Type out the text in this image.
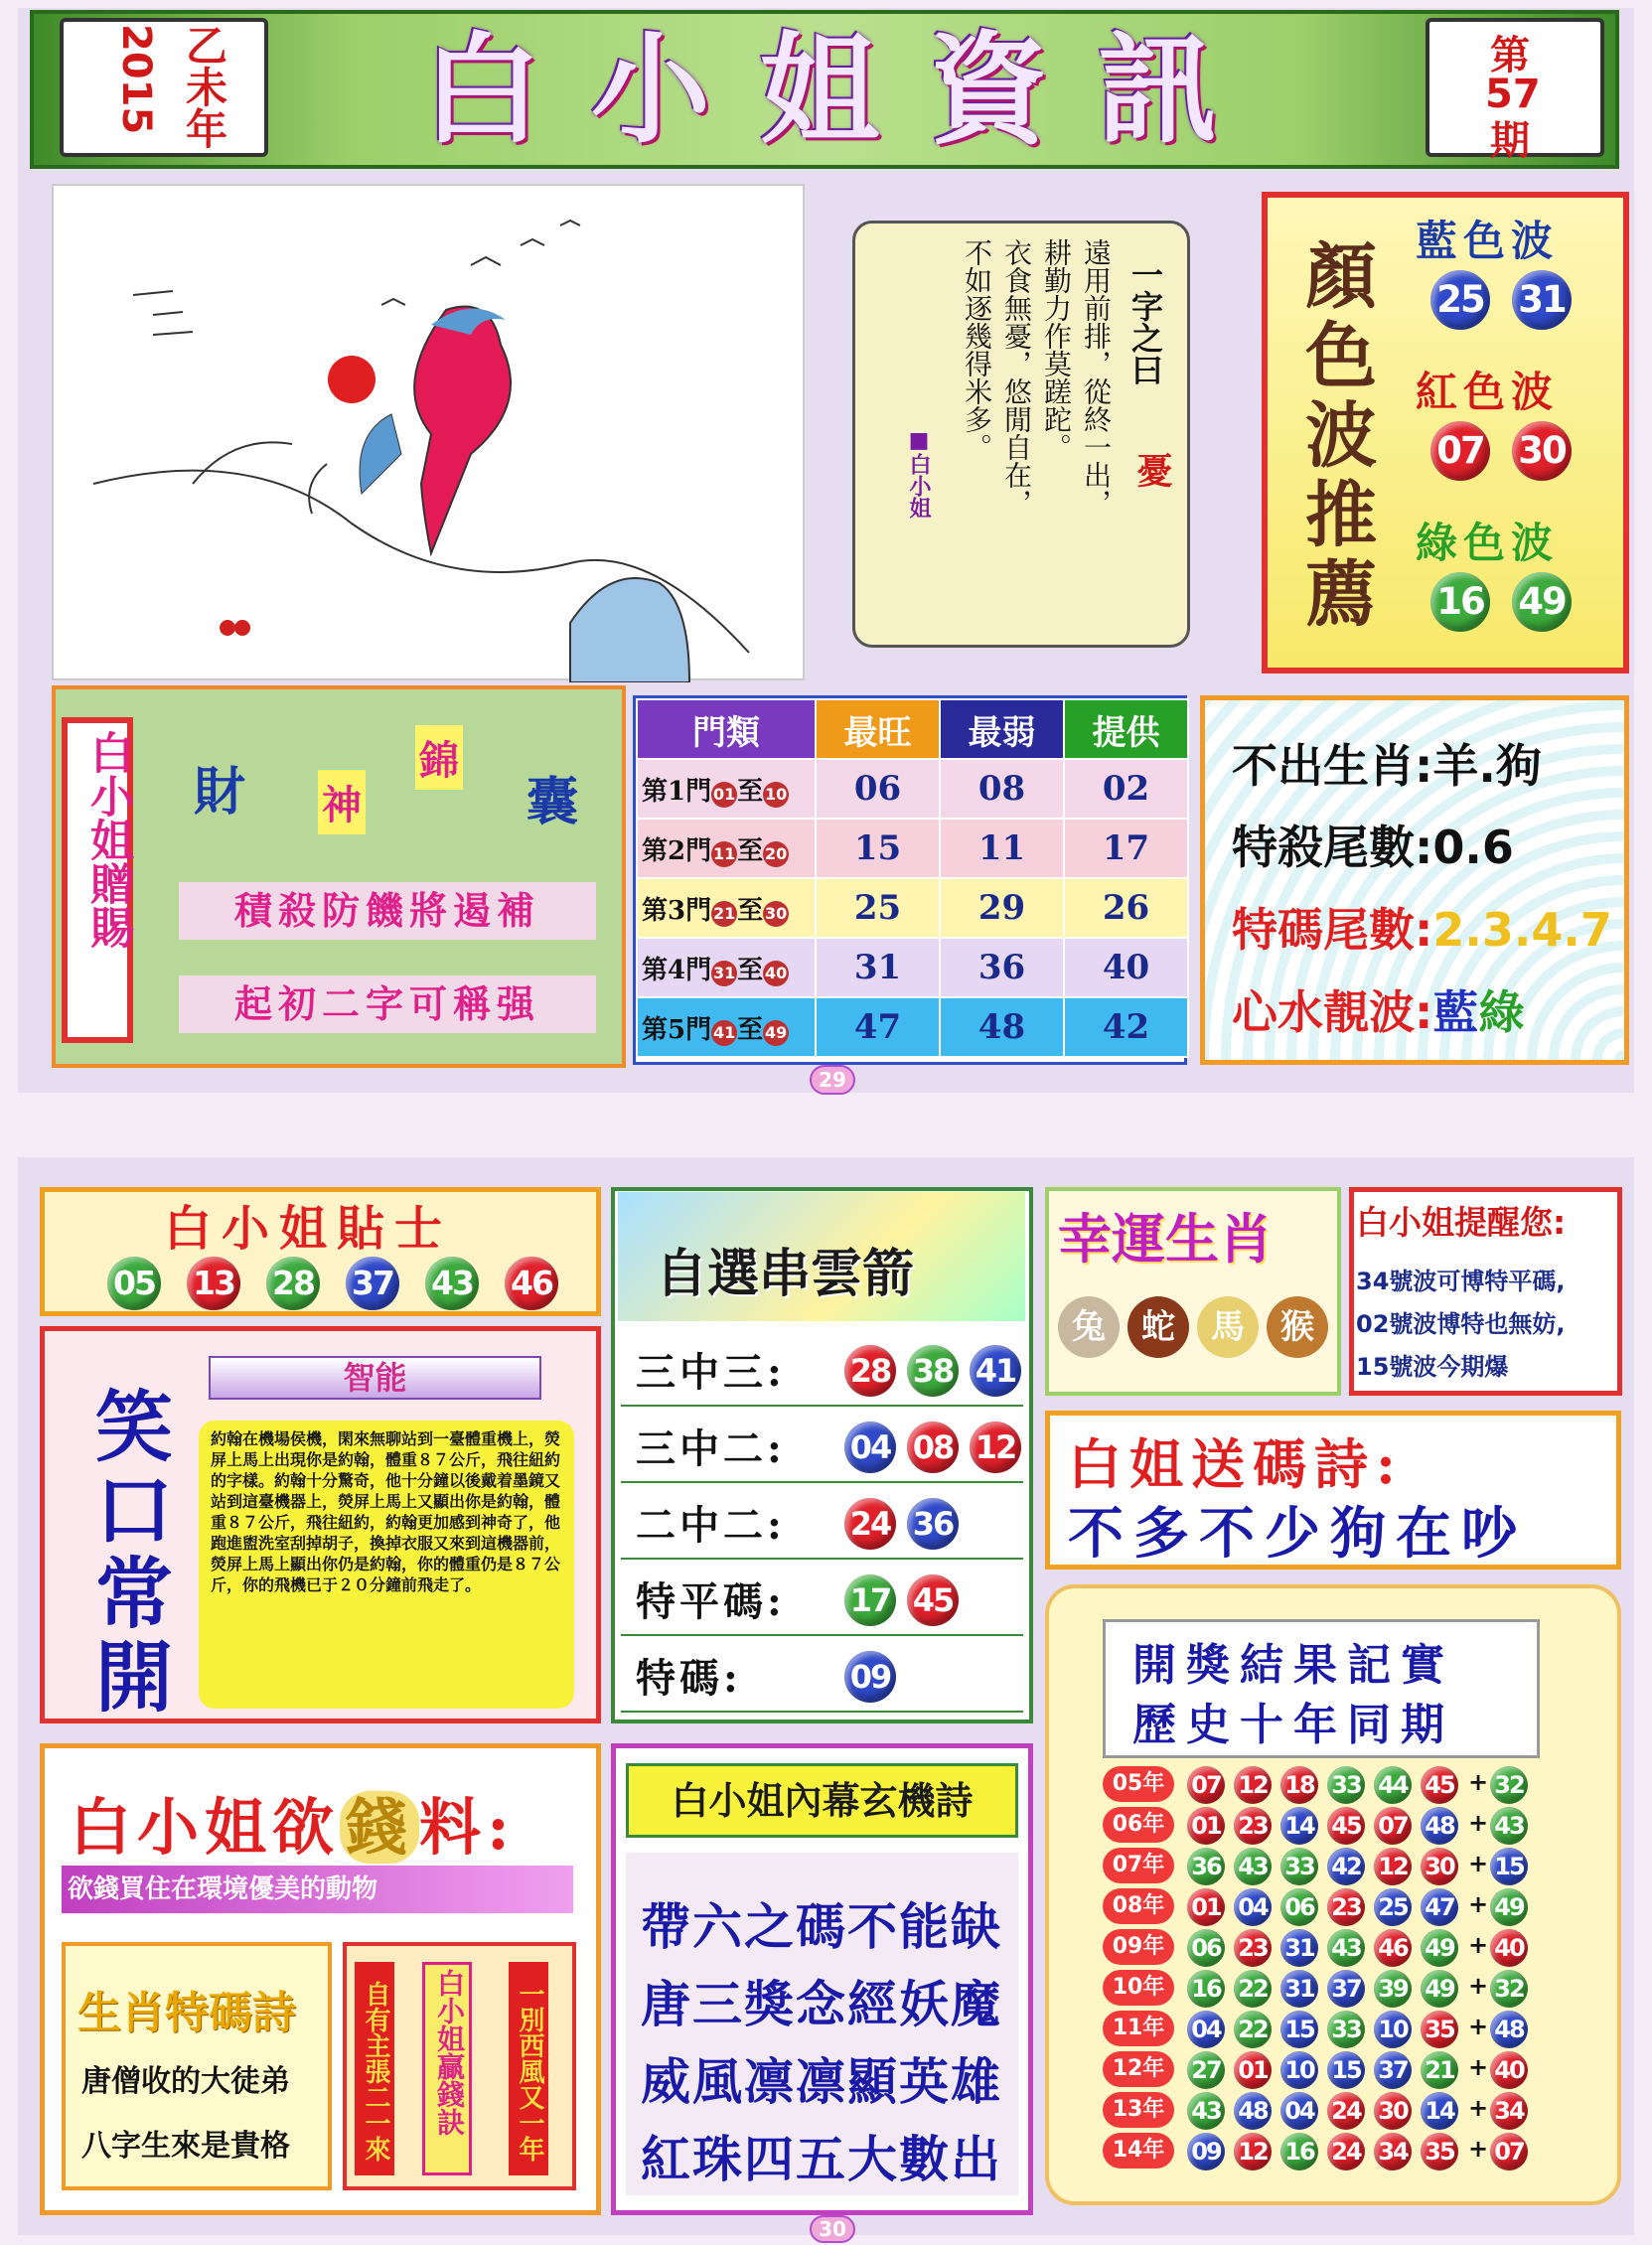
2015 乙未年	白小姐資訊	第
57
期
一字之曰
憂
遠用前排，從終一出，
耕勤力作莫蹉跎。
衣食無憂，悠閒自在，
不如逐幾得米多。
■白小姐	顏色波推薦 藍色波
25 31
紅色波
07 30
綠色波
16 49
白小姐贈賜 財 神
錦
囊
積殺防饑將遏補
起初二字可稱强
門類	最旺	最弱	提供
第1門 01至 10	06	08	02
第2門 11至 20	15	11	17
第3門 21至 30	25	29	26
第4門 31至 40	31	36	40
第5門 41至 49	47	48	42
不出生肖:羊.狗
特殺尾數:0.6
特碼尾數:2.3.4.7
心水靚波:藍綠
29
白小姐貼士
05 13 28 37 43 46
笑口常開
智能
約翰在機場侯機，閑來無聊站到一臺體重機上，熒屏上馬上出現你是約翰，體重８７公斤，飛往紐約的字樣。約翰十分驚奇，他十分鐘以後戴着墨鏡又站到這臺機器上，熒屏上馬上又顯出你是約翰，體重８７公斤，飛往紐約，約翰更加感到神奇了，他跑進盥洗室刮掉胡子，換掉衣服又來到這機器前，熒屏上馬上顯出你仍是約翰，你的體重仍是８７公斤，你的飛機已于２０分鐘前飛走了。
自選串雲箭
三中三: 28 38 41
三中二: 04 08 12
二中二: 24 36
特平碼: 17 45
特碼:	09
幸運生肖
兔	蛇	馬	猴
白小姐提醒您:
34號波可博特平碼,
02號波博特也無妨,
15號波今期爆
白姐送碼詩:
不多不少狗在吵
開獎結果記實
歷史十年同期
05年	07 12 18 33 44 45 + 32
06年	01 23 14 45 07 48 + 43
07年	36 43 33 42 12 30 + 15
08年	01 04 06 23 25 47 + 49
09年	06 23 31 43 46 49 + 40
10年	16 22 31 37 39 49 + 32
11年	04 22 15 33 10 35 + 48
12年	27 01 10 15 37 21 + 40
13年	43 48 04 24 30 14 + 34
14年	09 12 16 24 34 35 + 07
白小姐欲錢料:
欲錢買住在環境優美的動物
生肖特碼詩
唐僧收的大徒弟
八字生來是貴格	自有主張二一來	白小姐贏錢訣 一別西風又一年
白小姐內幕玄機詩
帶六之碼不能缺
唐三獎念經妖魔
威風凛凛顯英雄
紅珠四五大數出
30
